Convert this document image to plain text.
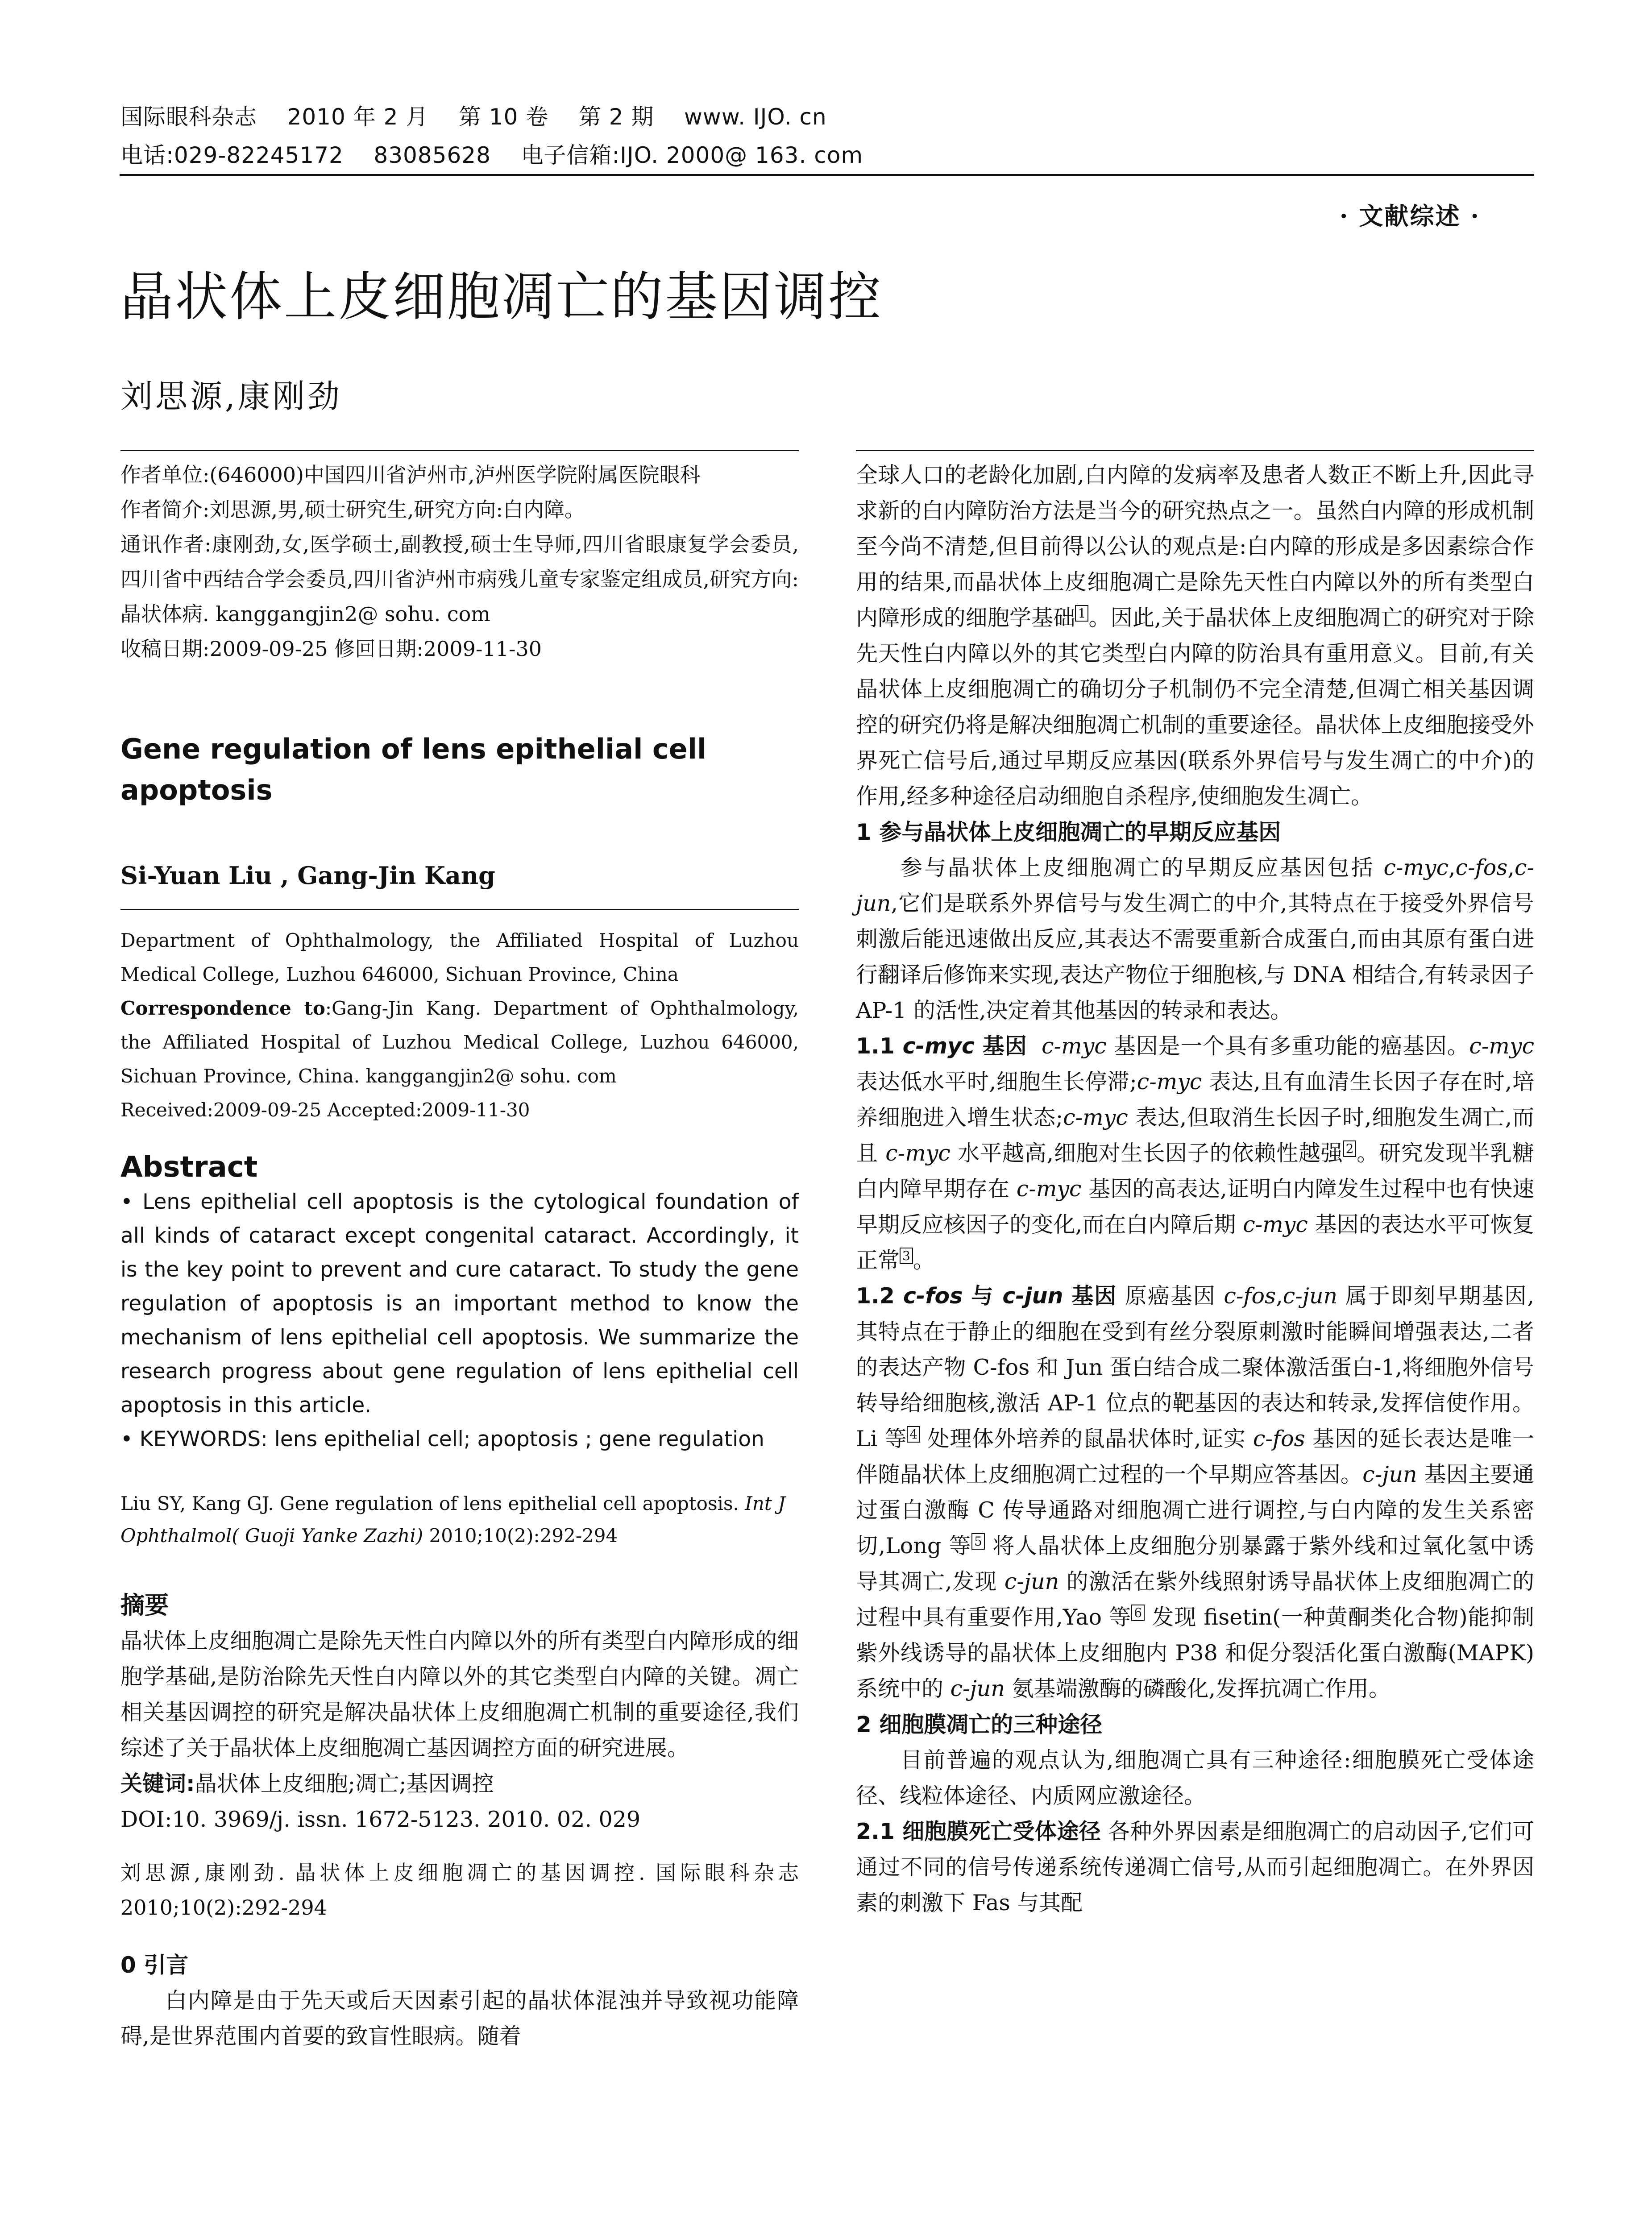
国际眼科杂志    2010 年 2 月    第 10 卷    第 2 期    www. IJO. cn
电话:029-82245172    83085628    电子信箱:IJO. 2000@ 163. com
· 文献综述 ·
晶状体上皮细胞凋亡的基因调控
刘思源,康刚劲

作者单位:(646000)中国四川省泸州市,泸州医学院附属医院眼科

作者简介:刘思源,男,硕士研究生,研究方向:白内障。

通讯作者:康刚劲,女,医学硕士,副教授,硕士生导师,四川省眼康复学会委员,四川省中西结合学会委员,四川省泸州市病残儿童专家鉴定组成员,研究方向:晶状体病. kanggangjin2@ sohu. com

收稿日期:2009-09-25 修回日期:2009-11-30

Gene regulation of lens epithelial cell apoptosis

Si-Yuan Liu , Gang-Jin Kang

Department of Ophthalmology, the Affiliated Hospital of Luzhou Medical College, Luzhou 646000, Sichuan Province, China

Correspondence to:Gang-Jin Kang. Department of Ophthalmology, the Affiliated Hospital of Luzhou Medical College, Luzhou 646000, Sichuan Province, China. kanggangjin2@ sohu. com

Received:2009-09-25 Accepted:2009-11-30

Abstract

• Lens epithelial cell apoptosis is the cytological foundation of all kinds of cataract except congenital cataract. Accordingly, it is the key point to prevent and cure cataract. To study the gene regulation of apoptosis is an important method to know the mechanism of lens epithelial cell apoptosis. We summarize the research progress about gene regulation of lens epithelial cell apoptosis in this article.

• KEYWORDS: lens epithelial cell; apoptosis ; gene regulation

Liu SY, Kang GJ. Gene regulation of lens epithelial cell apoptosis. Int J Ophthalmol( Guoji Yanke Zazhi) 2010;10(2):292-294

摘要

晶状体上皮细胞凋亡是除先天性白内障以外的所有类型白内障形成的细胞学基础,是防治除先天性白内障以外的其它类型白内障的关键。凋亡相关基因调控的研究是解决晶状体上皮细胞凋亡机制的重要途径,我们综述了关于晶状体上皮细胞凋亡基因调控方面的研究进展。

关键词:晶状体上皮细胞;凋亡;基因调控

DOI:10. 3969/j. issn. 1672-5123. 2010. 02. 029

刘思源,康刚劲. 晶状体上皮细胞凋亡的基因调控. 国际眼科杂志 2010;10(2):292-294

0 引言

白内障是由于先天或后天因素引起的晶状体混浊并导致视功能障碍,是世界范围内首要的致盲性眼病。随着

全球人口的老龄化加剧,白内障的发病率及患者人数正不断上升,因此寻求新的白内障防治方法是当今的研究热点之一。虽然白内障的形成机制至今尚不清楚,但目前得以公认的观点是:白内障的形成是多因素综合作用的结果,而晶状体上皮细胞凋亡是除先天性白内障以外的所有类型白内障形成的细胞学基础 $^1$ 。因此,关于晶状体上皮细胞凋亡的研究对于除先天性白内障以外的其它类型白内障的防治具有重用意义。目前,有关晶状体上皮细胞凋亡的确切分子机制仍不完全清楚,但凋亡相关基因调控的研究仍将是解决细胞凋亡机制的重要途径。晶状体上皮细胞接受外界死亡信号后,通过早期反应基因(联系外界信号与发生凋亡的中介)的作用,经多种途径启动细胞自杀程序,使细胞发生凋亡。

1 参与晶状体上皮细胞凋亡的早期反应基因

参与晶状体上皮细胞凋亡的早期反应基因包括 c-myc,c-fos,c-jun,它们是联系外界信号与发生凋亡的中介,其特点在于接受外界信号刺激后能迅速做出反应,其表达不需要重新合成蛋白,而由其原有蛋白进行翻译后修饰来实现,表达产物位于细胞核,与 DNA 相结合,有转录因子 AP-1 的活性,决定着其他基因的转录和表达。

1.1 c-myc 基因 c-myc 基因是一个具有多重功能的癌基因。c-myc 表达低水平时,细胞生长停滞;c-myc 表达,且有血清生长因子存在时,培养细胞进入增生状态;c-myc 表达,但取消生长因子时,细胞发生凋亡,而且 c-myc 水平越高,细胞对生长因子的依赖性越强 $^2$ 。研究发现半乳糖白内障早期存在 c-myc 基因的高表达,证明白内障发生过程中也有快速早期反应核因子的变化,而在白内障后期 c-myc 基因的表达水平可恢复正常 $^3$ 。

1.2 c-fos 与 c-jun 基因 原癌基因 c-fos,c-jun 属于即刻早期基因,其特点在于静止的细胞在受到有丝分裂原刺激时能瞬间增强表达,二者的表达产物 C-fos 和 Jun 蛋白结合成二聚体激活蛋白-1,将细胞外信号转导给细胞核,激活 AP-1 位点的靶基因的表达和转录,发挥信使作用。Li 等 $^4$ 处理体外培养的鼠晶状体时,证实 c-fos 基因的延长表达是唯一伴随晶状体上皮细胞凋亡过程的一个早期应答基因。c-jun 基因主要通过蛋白激酶 C 传导通路对细胞凋亡进行调控,与白内障的发生关系密切,Long 等 $^5$ 将人晶状体上皮细胞分别暴露于紫外线和过氧化氢中诱导其凋亡,发现 c-jun 的激活在紫外线照射诱导晶状体上皮细胞凋亡的过程中具有重要作用,Yao 等 $^6$ 发现 fisetin(一种黄酮类化合物)能抑制紫外线诱导的晶状体上皮细胞内 P38 和促分裂活化蛋白激酶(MAPK)系统中的 c-jun 氨基端激酶的磷酸化,发挥抗凋亡作用。

2 细胞膜凋亡的三种途径

目前普遍的观点认为,细胞凋亡具有三种途径:细胞膜死亡受体途径、线粒体途径、内质网应激途径。

2.1 细胞膜死亡受体途径 各种外界因素是细胞凋亡的启动因子,它们可通过不同的信号传递系统传递凋亡信号,从而引起细胞凋亡。在外界因素的刺激下 Fas 与其配
